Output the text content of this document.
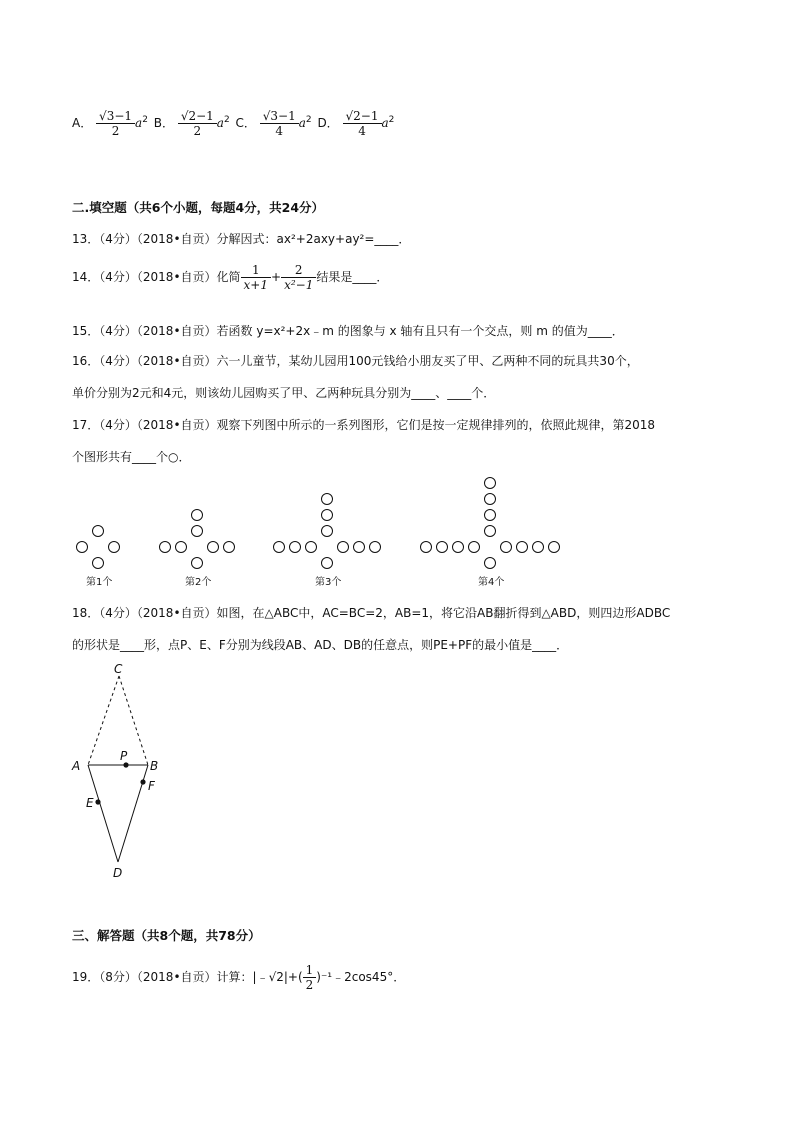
A． $\frac{√3-1}{2} a^2$ B． $\frac{√2-1}{2} a^2$ C． $\frac{√3-1}{4} a^2$ D． $\frac{√2-1}{4} a^2$
二.填空题（共6个小题，每题4分，共24分）
13．（4分）（2018•自贡）分解因式：ax²+2axy+ay²=____．
14．（4分）（2018•自贡）化简 $\frac{1}{x+1} + \frac{2}{\text{x²−1}}$ 结果是____．
15．（4分）（2018•自贡）若函数 y=x²+2x﹣m 的图象与 x 轴有且只有一个交点，则 m 的值为____．
16．（4分）（2018•自贡）六一儿童节，某幼儿园用100元钱给小朋友买了甲、乙两种不同的玩具共30个，
单价分别为2元和4元，则该幼儿园购买了甲、乙两种玩具分别为____、____个．
17．（4分）（2018•自贡）观察下列图中所示的一系列图形，它们是按一定规律排列的，依照此规律，第2018
个图形共有____个○．
第1个	第2个	第3个	第4个
18．（4分）（2018•自贡）如图，在△ABC中，AC=BC=2，AB=1，将它沿AB翻折得到△ABD，则四边形ADBC
的形状是____形，点P、E、F分别为线段AB、AD、DB的任意点，则PE+PF的最小值是____．
C
A	B
P
E
F
D
三、解答题（共8个题，共78分）
19．（8分）（2018•自贡）计算：|﹣√2|+( $\frac{1}{2}$ )⁻¹﹣2cos45°．
